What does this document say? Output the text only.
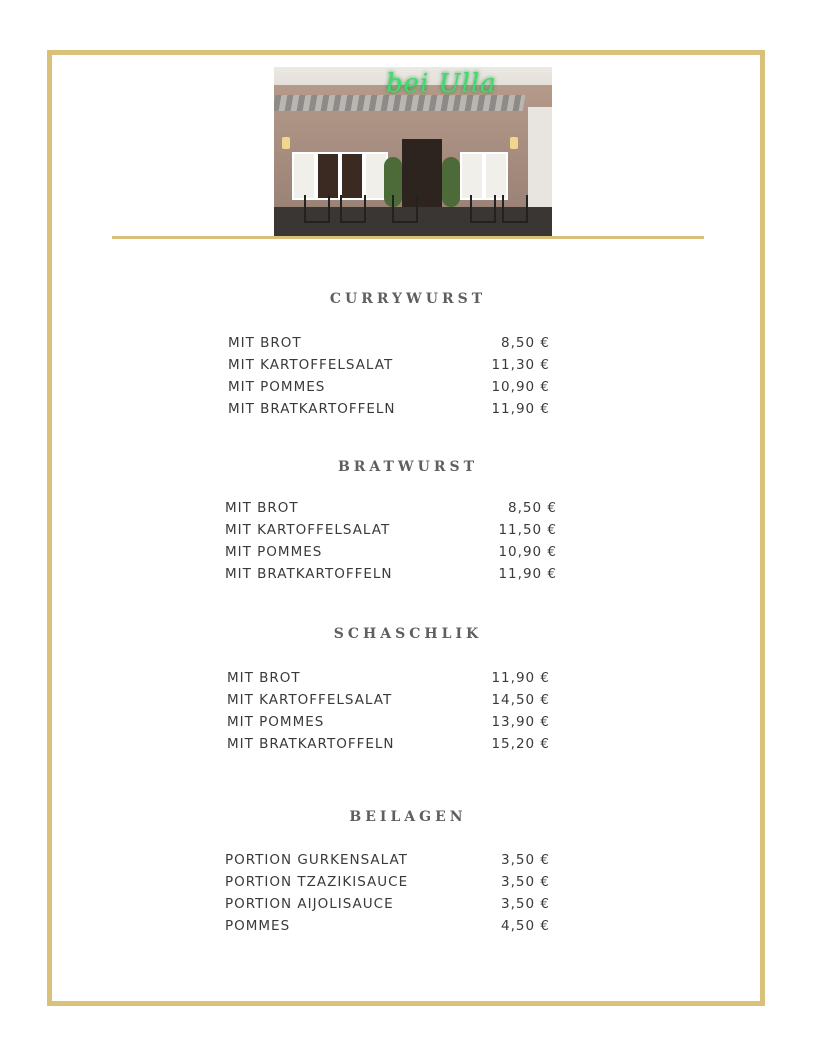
bei Ulla
CURRYWURST
MIT BROT	8,50 €
MIT KARTOFFELSALAT	11,30 €
MIT POMMES	10,90 €
MIT BRATKARTOFFELN	11,90 €
BRATWURST
MIT BROT	8,50 €
MIT KARTOFFELSALAT	11,50 €
MIT POMMES	10,90 €
MIT BRATKARTOFFELN	11,90 €
SCHASCHLIK
MIT BROT	11,90 €
MIT KARTOFFELSALAT	14,50 €
MIT POMMES	13,90 €
MIT BRATKARTOFFELN	15,20 €
BEILAGEN
PORTION GURKENSALAT	3,50 €
PORTION TZAZIKISAUCE	3,50 €
PORTION AIJOLISAUCE	3,50 €
POMMES	4,50 €
